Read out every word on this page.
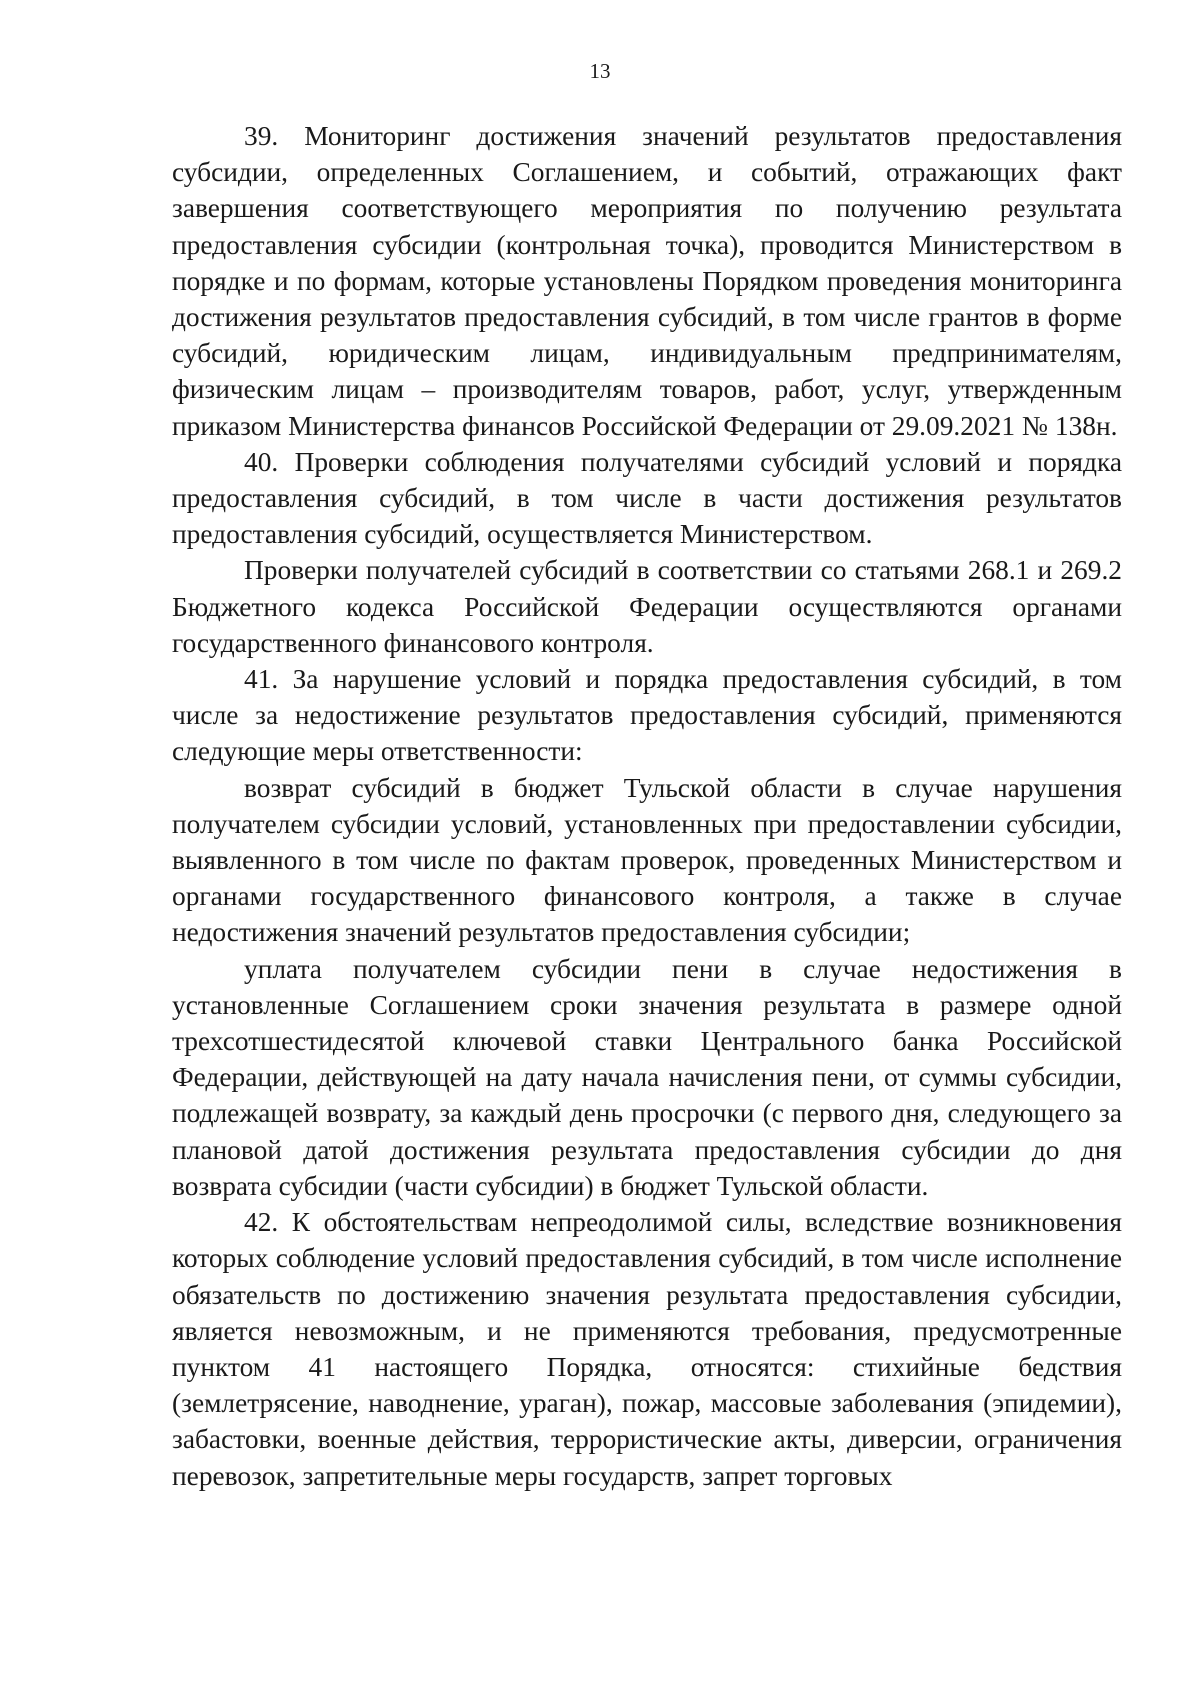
13

39. Мониторинг достижения значений результатов предоставления субсидии, определенных Соглашением, и событий, отражающих факт завершения соответствующего мероприятия по получению результата предоставления субсидии (контрольная точка), проводится Министерством в порядке и по формам, которые установлены Порядком проведения мониторинга достижения результатов предоставления субсидий, в том числе грантов в форме субсидий, юридическим лицам, индивидуальным предпринимателям, физическим лицам – производителям товаров, работ, услуг, утвержденным приказом Министерства финансов Российской Федерации от 29.09.2021 № 138н.

40. Проверки соблюдения получателями субсидий условий и порядка предоставления субсидий, в том числе в части достижения результатов предоставления субсидий, осуществляется Министерством.

Проверки получателей субсидий в соответствии со статьями 268.1 и 269.2 Бюджетного кодекса Российской Федерации осуществляются органами государственного финансового контроля.

41. За нарушение условий и порядка предоставления субсидий, в том числе за недостижение результатов предоставления субсидий, применяются следующие меры ответственности:

возврат субсидий в бюджет Тульской области в случае нарушения получателем субсидии условий, установленных при предоставлении субсидии, выявленного в том числе по фактам проверок, проведенных Министерством и органами государственного финансового контроля, а также в случае недостижения значений результатов предоставления субсидии;

уплата получателем субсидии пени в случае недостижения в установленные Соглашением сроки значения результата в размере одной трехсотшестидесятой ключевой ставки Центрального банка Российской Федерации, действующей на дату начала начисления пени, от суммы субсидии, подлежащей возврату, за каждый день просрочки (с первого дня, следующего за плановой датой достижения результата предоставления субсидии до дня возврата субсидии (части субсидии) в бюджет Тульской области.

42. К обстоятельствам непреодолимой силы, вследствие возникновения которых соблюдение условий предоставления субсидий, в том числе исполнение обязательств по достижению значения результата предоставления субсидии, является невозможным, и не применяются требования, предусмотренные пунктом 41 настоящего Порядка, относятся: стихийные бедствия (землетрясение, наводнение, ураган), пожар, массовые заболевания (эпидемии), забастовки, военные действия, террористические акты, диверсии, ограничения перевозок, запретительные меры государств, запрет торговых
